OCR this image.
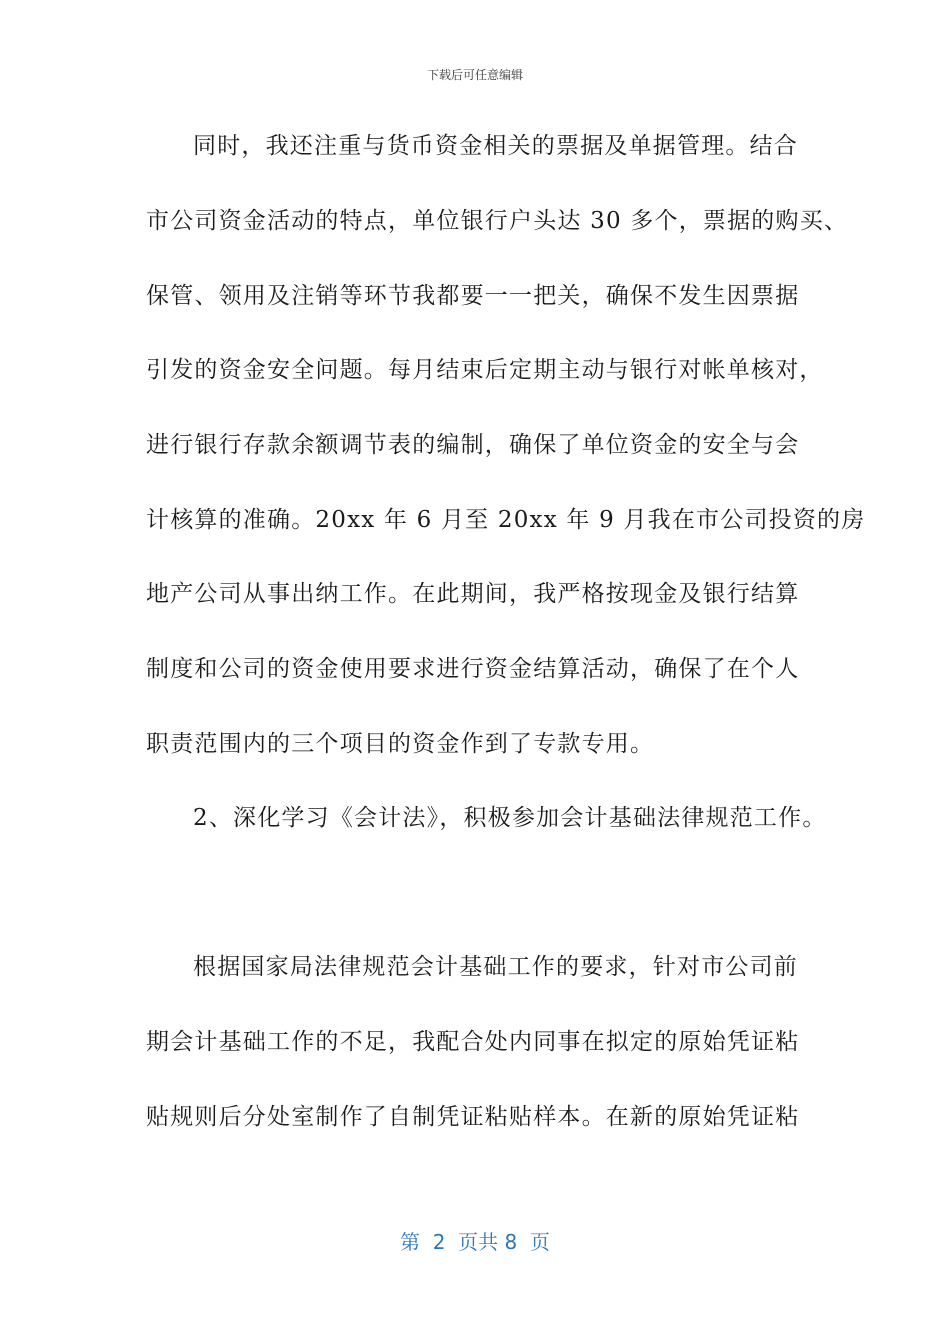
下载后可任意编辑
同时，我还注重与货币资金相关的票据及单据管理。结合
市公司资金活动的特点，单位银行户头达 30 多个，票据的购买、
保管、领用及注销等环节我都要一一把关，确保不发生因票据
引发的资金安全问题。每月结束后定期主动与银行对帐单核对，
进行银行存款余额调节表的编制，确保了单位资金的安全与会
计核算的准确。20xx 年 6 月至 20xx 年 9 月我在市公司投资的房
地产公司从事出纳工作。在此期间，我严格按现金及银行结算
制度和公司的资金使用要求进行资金结算活动，确保了在个人
职责范围内的三个项目的资金作到了专款专用。
2、深化学习《会计法》，积极参加会计基础法律规范工作。
根据国家局法律规范会计基础工作的要求，针对市公司前
期会计基础工作的不足，我配合处内同事在拟定的原始凭证粘
贴规则后分处室制作了自制凭证粘贴样本。在新的原始凭证粘
第  2  页共 8  页
